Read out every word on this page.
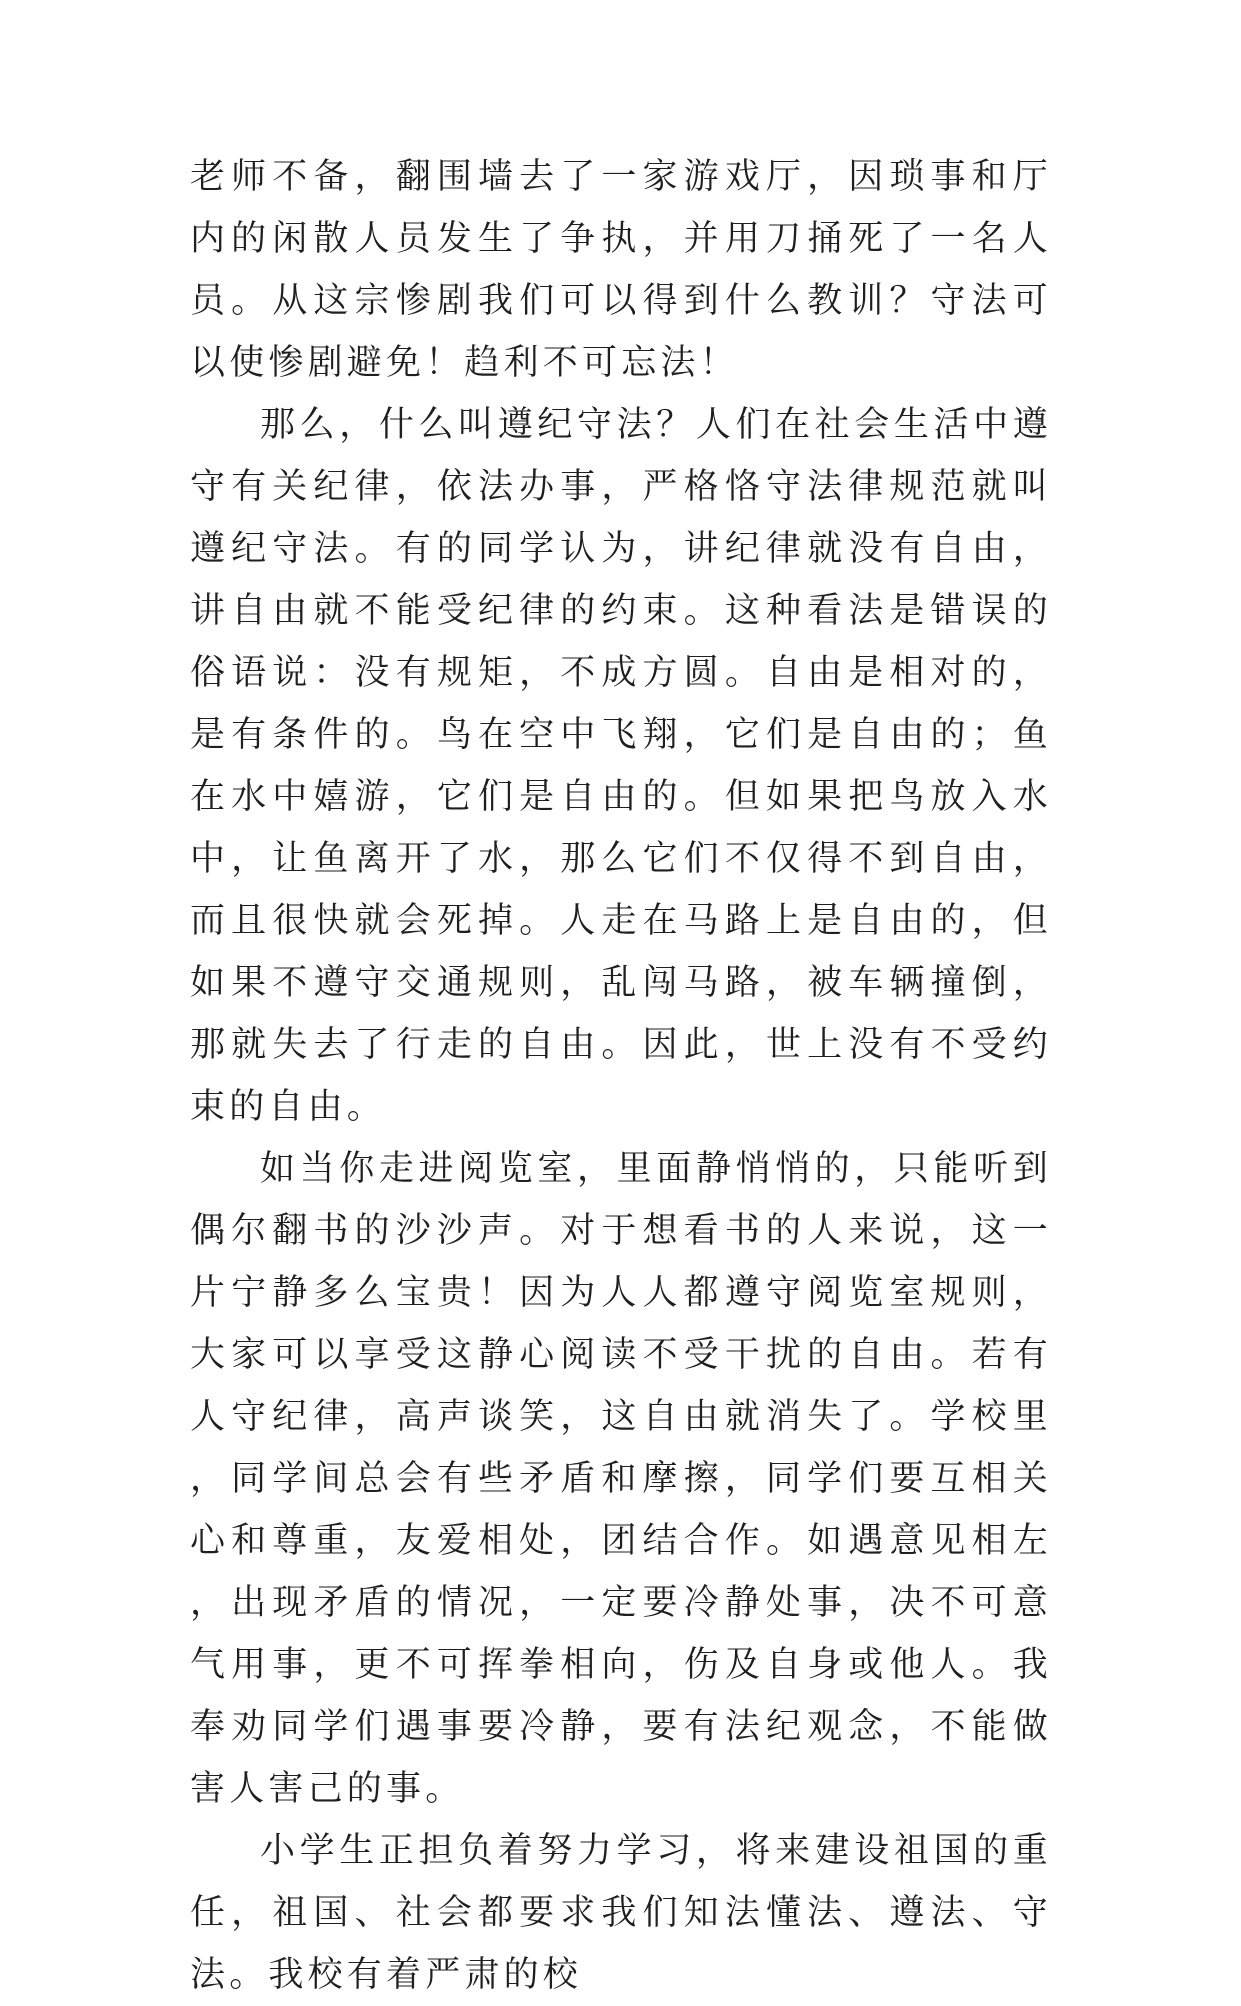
老师不备，翻围墙去了一家游戏厅，因琐事和厅内的闲散人员发生了争执，并用刀捅死了一名人员。从这宗惨剧我们可以得到什么教训？守法可以使惨剧避免！趋利不可忘法！

那么，什么叫遵纪守法？人们在社会生活中遵守有关纪律，依法办事，严格恪守法律规范就叫遵纪守法。有的同学认为，讲纪律就没有自由，讲自由就不能受纪律的约束。这种看法是错误的俗语说：没有规矩，不成方圆。自由是相对的，是有条件的。鸟在空中飞翔，它们是自由的；鱼在水中嬉游，它们是自由的。但如果把鸟放入水中，让鱼离开了水，那么它们不仅得不到自由，而且很快就会死掉。人走在马路上是自由的，但如果不遵守交通规则，乱闯马路，被车辆撞倒，那就失去了行走的自由。因此，世上没有不受约束的自由。

如当你走进阅览室，里面静悄悄的，只能听到偶尔翻书的沙沙声。对于想看书的人来说，这一片宁静多么宝贵！因为人人都遵守阅览室规则，大家可以享受这静心阅读不受干扰的自由。若有人守纪律，高声谈笑，这自由就消失了。学校里，同学间总会有些矛盾和摩擦，同学们要互相关心和尊重，友爱相处，团结合作。如遇意见相左，出现矛盾的情况，一定要冷静处事，决不可意气用事，更不可挥拳相向，伤及自身或他人。我奉劝同学们遇事要冷静，要有法纪观念，不能做害人害己的事。

小学生正担负着努力学习，将来建设祖国的重任，祖国、社会都要求我们知法懂法、遵法、守法。我校有着严肃的校
